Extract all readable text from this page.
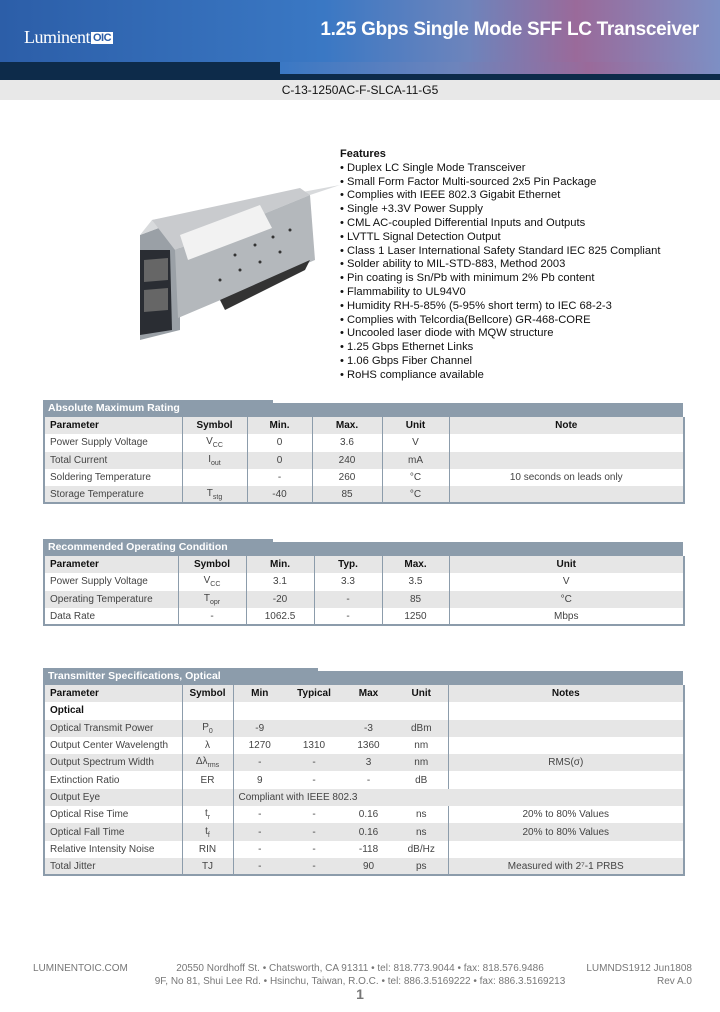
Luminent OIC	1.25 Gbps Single Mode SFF LC Transceiver
C-13-1250AC-F-SLCA-11-G5
Features
• Duplex LC Single Mode Transceiver
• Small Form Factor Multi-sourced 2x5 Pin Package
• Complies with IEEE 802.3 Gigabit Ethernet
• Single +3.3V Power Supply
• CML AC-coupled Differential Inputs and Outputs
• LVTTL Signal Detection Output
• Class 1 Laser International Safety Standard IEC 825 Compliant
• Solder ability to MIL-STD-883, Method 2003
• Pin coating is Sn/Pb with minimum 2% Pb content
• Flammability to UL94V0
• Humidity RH-5-85% (5-95% short term) to IEC 68-2-3
• Complies with Telcordia(Bellcore) GR-468-CORE
• Uncooled laser diode with MQW structure
• 1.25 Gbps Ethernet Links
• 1.06 Gbps Fiber Channel
• RoHS compliance available
Absolute Maximum Rating
Parameter	Symbol	Min.	Max.	Unit	Note
Power Supply Voltage	$V_{CC}$	0	3.6	V	
Total Current	$I_{out}$	0	240	mA	
Soldering Temperature		-	260	°C	10 seconds on leads only
Storage Temperature	$T_{stg}$	-40	85	°C	
Recommended Operating Condition
Parameter	Symbol	Min.	Typ.	Max.	Unit
Power Supply Voltage	$V_{CC}$	3.1	3.3	3.5	V
Operating Temperature	$T_{opr}$	-20	-	85	°C
Data Rate	-	1062.5	-	1250	Mbps
Transmitter Specifications, Optical
Parameter	Symbol	Min	Typical	Max	Unit	Notes
Optical						
Optical Transmit Power	$P_0$	-9		-3	dBm	
Output Center Wavelength	λ	1270	1310	1360	nm	
Output Spectrum Width	$\Delta\lambda_{rms}$	-	-	3	nm	RMS(σ)
Extinction Ratio	ER	9	-	-	dB	
Output Eye		Compliant with IEEE 802.3				
Optical Rise Time	$t_r$	-	-	0.16	ns	20% to 80% Values
Optical Fall Time	$t_f$	-	-	0.16	ns	20% to 80% Values
Relative Intensity Noise	RIN	-	-	-118	dB/Hz	
Total Jitter	TJ	-	-	90	ps	Measured with 2⁷-1 PRBS
LUMINENTOIC.COM	20550 Nordhoff St. • Chatsworth, CA 91311 • tel: 818.773.9044 • fax: 818.576.9486
9F, No 81, Shui Lee Rd. • Hsinchu, Taiwan, R.O.C. • tel: 886.3.5169222 • fax: 886.3.5169213
LUMNDS1912 Jun1808
Rev A.0
1
